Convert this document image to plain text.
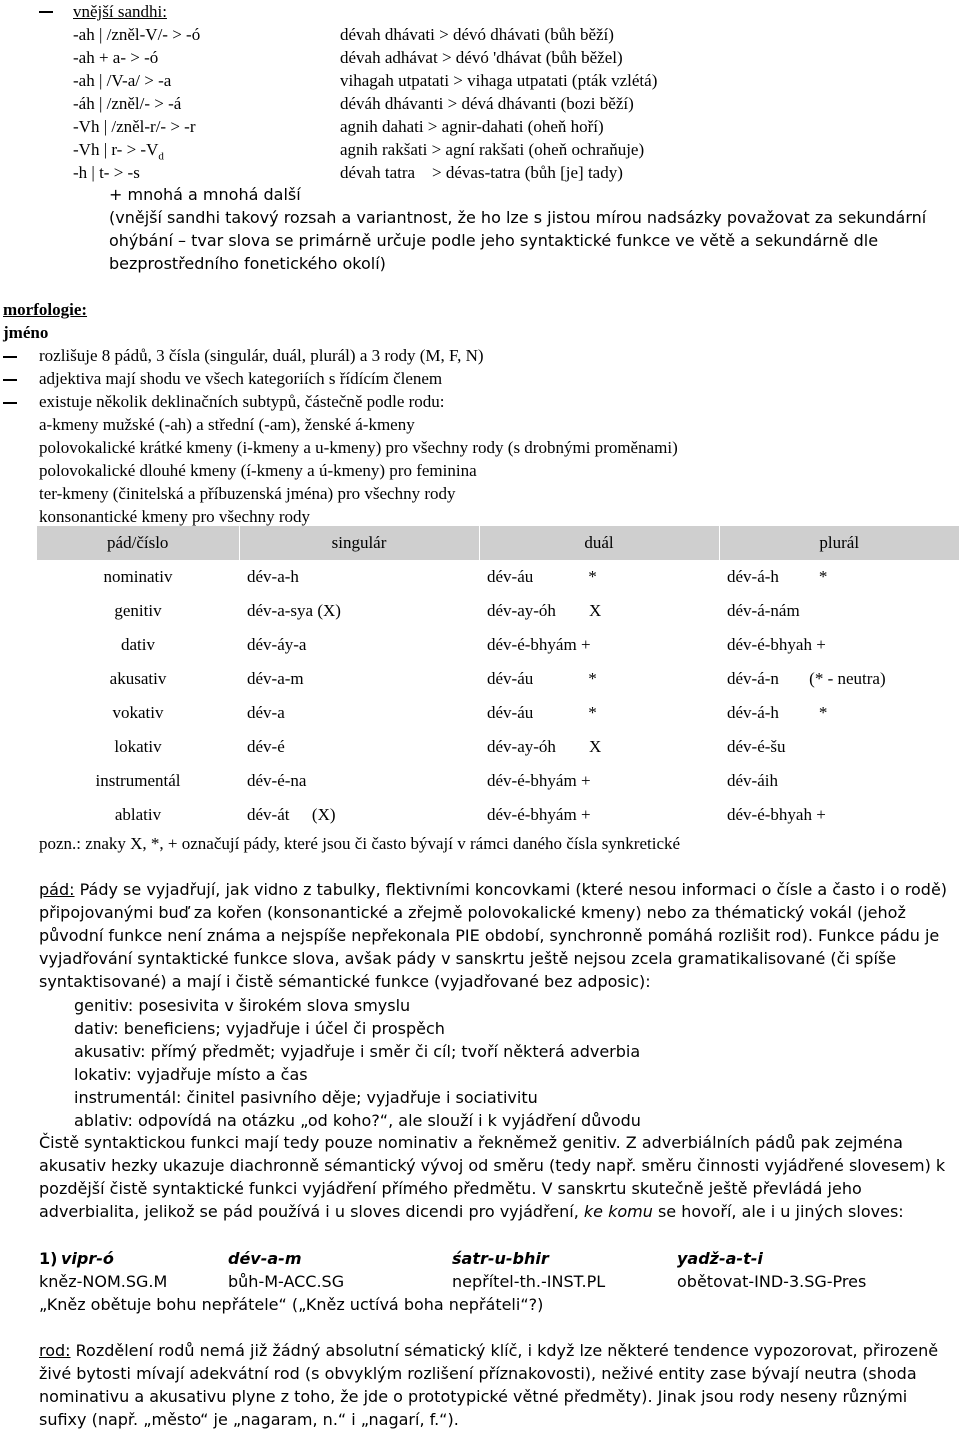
vnější sandhi:
-ah | /zněl-V/- > -ó	dévah dhávati > dévó dhávati (bůh běží)
-ah + a- > -ó	dévah adhávat > dévó 'dhávat (bůh běžel)
-ah | /V-a/ > -a	vihagah utpatati > vihaga utpatati (pták vzlétá)
-áh | /zněl/- > -á	déváh dhávanti > dévá dhávanti (bozi běží)
-Vh | /zněl-r/- > -r	agnih dahati > agnir-dahati (oheň hoří)
-Vh | $r- > -V_d$	agnih rakšati > agní rakšati (oheň ochraňuje)
-h | t- > -s	dévah tatra    > dévas-tatra (bůh [je] tady)
+ mnohá a mnohá další
(vnější sandhi takový rozsah a variantnost, že ho lze s jistou mírou nadsázky považovat za sekundární
ohýbání – tvar slova se primárně určuje podle jeho syntaktické funkce ve větě a sekundárně dle
bezprostředního fonetického okolí)
morfologie:
jméno
rozlišuje 8 pádů, 3 čísla (singulár, duál, plurál) a 3 rody (M, F, N)
adjektiva mají shodu ve všech kategoriích s řídícím členem
existuje několik deklinačních subtypů, částečně podle rodu:
a-kmeny mužské (-ah) a střední (-am), ženské á-kmeny
polovokalické krátké kmeny (i-kmeny a u-kmeny) pro všechny rody (s drobnými proměnami)
polovokalické dlouhé kmeny (í-kmeny a ú-kmeny) pro feminina
ter-kmeny (činitelská a příbuzenská jména) pro všechny rody
konsonantické kmeny pro všechny rody
pád/číslo	singulár	duál	plurál
nominativ	dév-a-h	dév-áu *	dév-á-h *
genitiv	dév-a-sya (X)	dév-ay-óh X	dév-á-nám
dativ	dév-áy-a	dév-é-bhyám +	dév-é-bhyah +
akusativ	dév-a-m	dév-áu *	dév-á-n (* - neutra)
vokativ	dév-a	dév-áu *	dév-á-h *
lokativ	dév-é	dév-ay-óh X	dév-é-šu
instrumentál	dév-é-na	dév-é-bhyám +	dév-áih
ablativ	dév-át (X)	dév-é-bhyám +	dév-é-bhyah +
pozn.: znaky X, *, + označují pády, které jsou či často bývají v rámci daného čísla synkretické

pád: Pády se vyjadřují, jak vidno z tabulky, flektivními koncovkami (které nesou informaci o čísle a často i o rodě) připojovanými buď za kořen (konsonantické a zřejmě polovokalické kmeny) nebo za thématický vokál (jehož původní funkce není známa a nejspíše nepřekonala PIE období, synchronně pomáhá rozlišit rod). Funkce pádu je vyjadřování syntaktické funkce slova, avšak pády v sanskrtu ještě nejsou zcela gramatikalisované (či spíše syntaktisované) a mají i čistě sémantické funkce (vyjadřované bez adposic):

genitiv: posesivita v širokém slova smyslu
dativ: beneficiens; vyjadřuje i účel či prospěch
akusativ: přímý předmět; vyjadřuje i směr či cíl; tvoří některá adverbia
lokativ: vyjadřuje místo a čas
instrumentál: činitel pasivního děje; vyjadřuje i sociativitu
ablativ: odpovídá na otázku „od koho?“, ale slouží i k vyjádření důvodu

Čistě syntaktickou funkci mají tedy pouze nominativ a řekněmež genitiv. Z adverbiálních pádů pak zejména akusativ hezky ukazuje diachronně sémantický vývoj od směru (tedy např. směru činnosti vyjádřené slovesem) k pozdější čistě syntaktické funkci vyjádření přímého předmětu. V sanskrtu skutečně ještě převládá jeho adverbialita, jelikož se pád používá i u sloves dicendi pro vyjádření, ke komu se hovoří, ale i u jiných sloves:

1) vipr-ó	dév-a-m	śatr-u-bhir	yadž-a-t-i
kněz-NOM.SG.M	bůh-M-ACC.SG	nepřítel-th.-INST.PL	obětovat-IND-3.SG-Pres
„Kněz obětuje bohu nepřátele“ („Kněz uctívá boha nepřáteli“?)

rod: Rozdělení rodů nemá již žádný absolutní sématický klíč, i když lze některé tendence vypozorovat, přirozeně živé bytosti mívají adekvátní rod (s obvyklým rozlišení příznakovosti), neživé entity zase bývají neutra (shoda nominativu a akusativu plyne z toho, že jde o prototypické větné předměty). Jinak jsou rody neseny různými sufixy (např. „město“ je „nagaram, n.“ i „nagarí, f.“).
